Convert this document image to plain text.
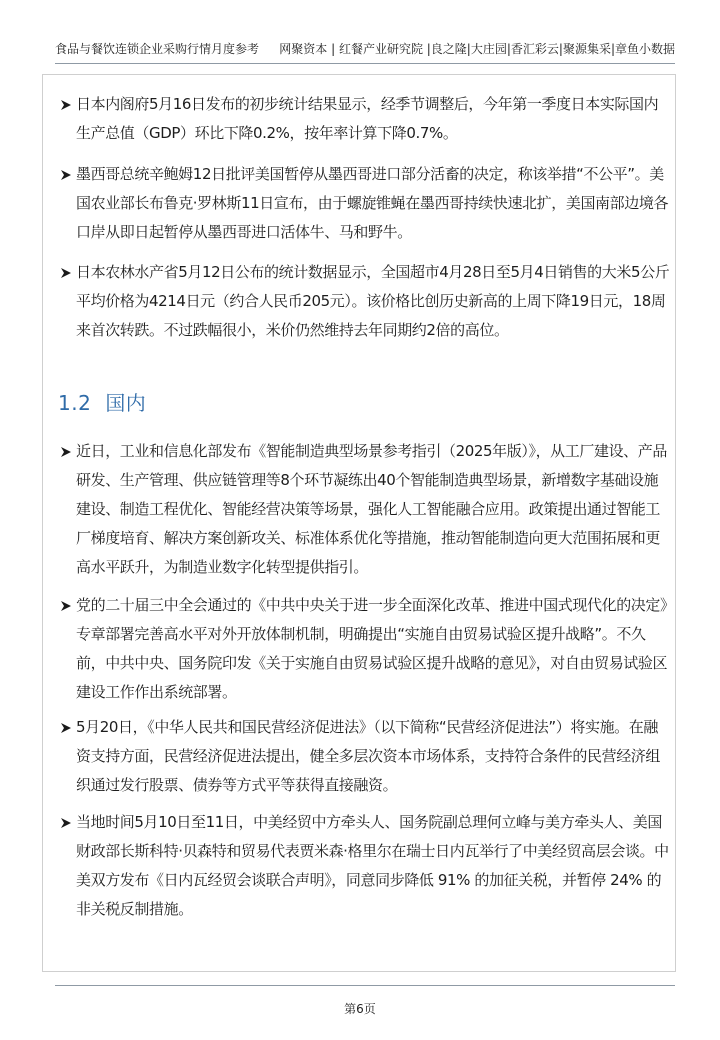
食品与餐饮连锁企业采购行情月度参考 网聚资本 | 红餐产业研究院 |良之隆|大庄园|香汇彩云|聚源集采|章鱼小数据
日本内阁府5月16日发布的初步统计结果显示，经季节调整后，今年第一季度日本实际国内生产总值（GDP）环比下降0.2%，按年率计算下降0.7%。
墨西哥总统辛鲍姆12日批评美国暂停从墨西哥进口部分活畜的决定，称该举措“不公平”。美国农业部长布鲁克·罗林斯11日宣布，由于螺旋锥蝇在墨西哥持续快速北扩，美国南部边境各口岸从即日起暂停从墨西哥进口活体牛、马和野牛。
日本农林水产省5月12日公布的统计数据显示，全国超市4月28日至5月4日销售的大米5公斤平均价格为4214日元（约合人民币205元）。该价格比创历史新高的上周下降19日元，18周来首次转跌。不过跌幅很小，米价仍然维持去年同期约2倍的高位。
1.2 国内
近日，工业和信息化部发布《智能制造典型场景参考指引（2025年版）》，从工厂建设、产品研发、生产管理、供应链管理等8个环节凝练出40个智能制造典型场景，新增数字基础设施建设、制造工程优化、智能经营决策等场景，强化人工智能融合应用。政策提出通过智能工厂梯度培育、解决方案创新攻关、标准体系优化等措施，推动智能制造向更大范围拓展和更高水平跃升，为制造业数字化转型提供指引。
党的二十届三中全会通过的《中共中央关于进一步全面深化改革、推进中国式现代化的决定》专章部署完善高水平对外开放体制机制，明确提出“实施自由贸易试验区提升战略”。不久前，中共中央、国务院印发《关于实施自由贸易试验区提升战略的意见》，对自由贸易试验区建设工作作出系统部署。
5月20日，《中华人民共和国民营经济促进法》（以下简称“民营经济促进法”）将实施。在融资支持方面，民营经济促进法提出，健全多层次资本市场体系，支持符合条件的民营经济组织通过发行股票、债券等方式平等获得直接融资。
当地时间5月10日至11日，中美经贸中方牵头人、国务院副总理何立峰与美方牵头人、美国财政部长斯科特·贝森特和贸易代表贾米森·格里尔在瑞士日内瓦举行了中美经贸高层会谈。中美双方发布《日内瓦经贸会谈联合声明》，同意同步降低 91% 的加征关税，并暂停 24% 的非关税反制措施。
第6页
